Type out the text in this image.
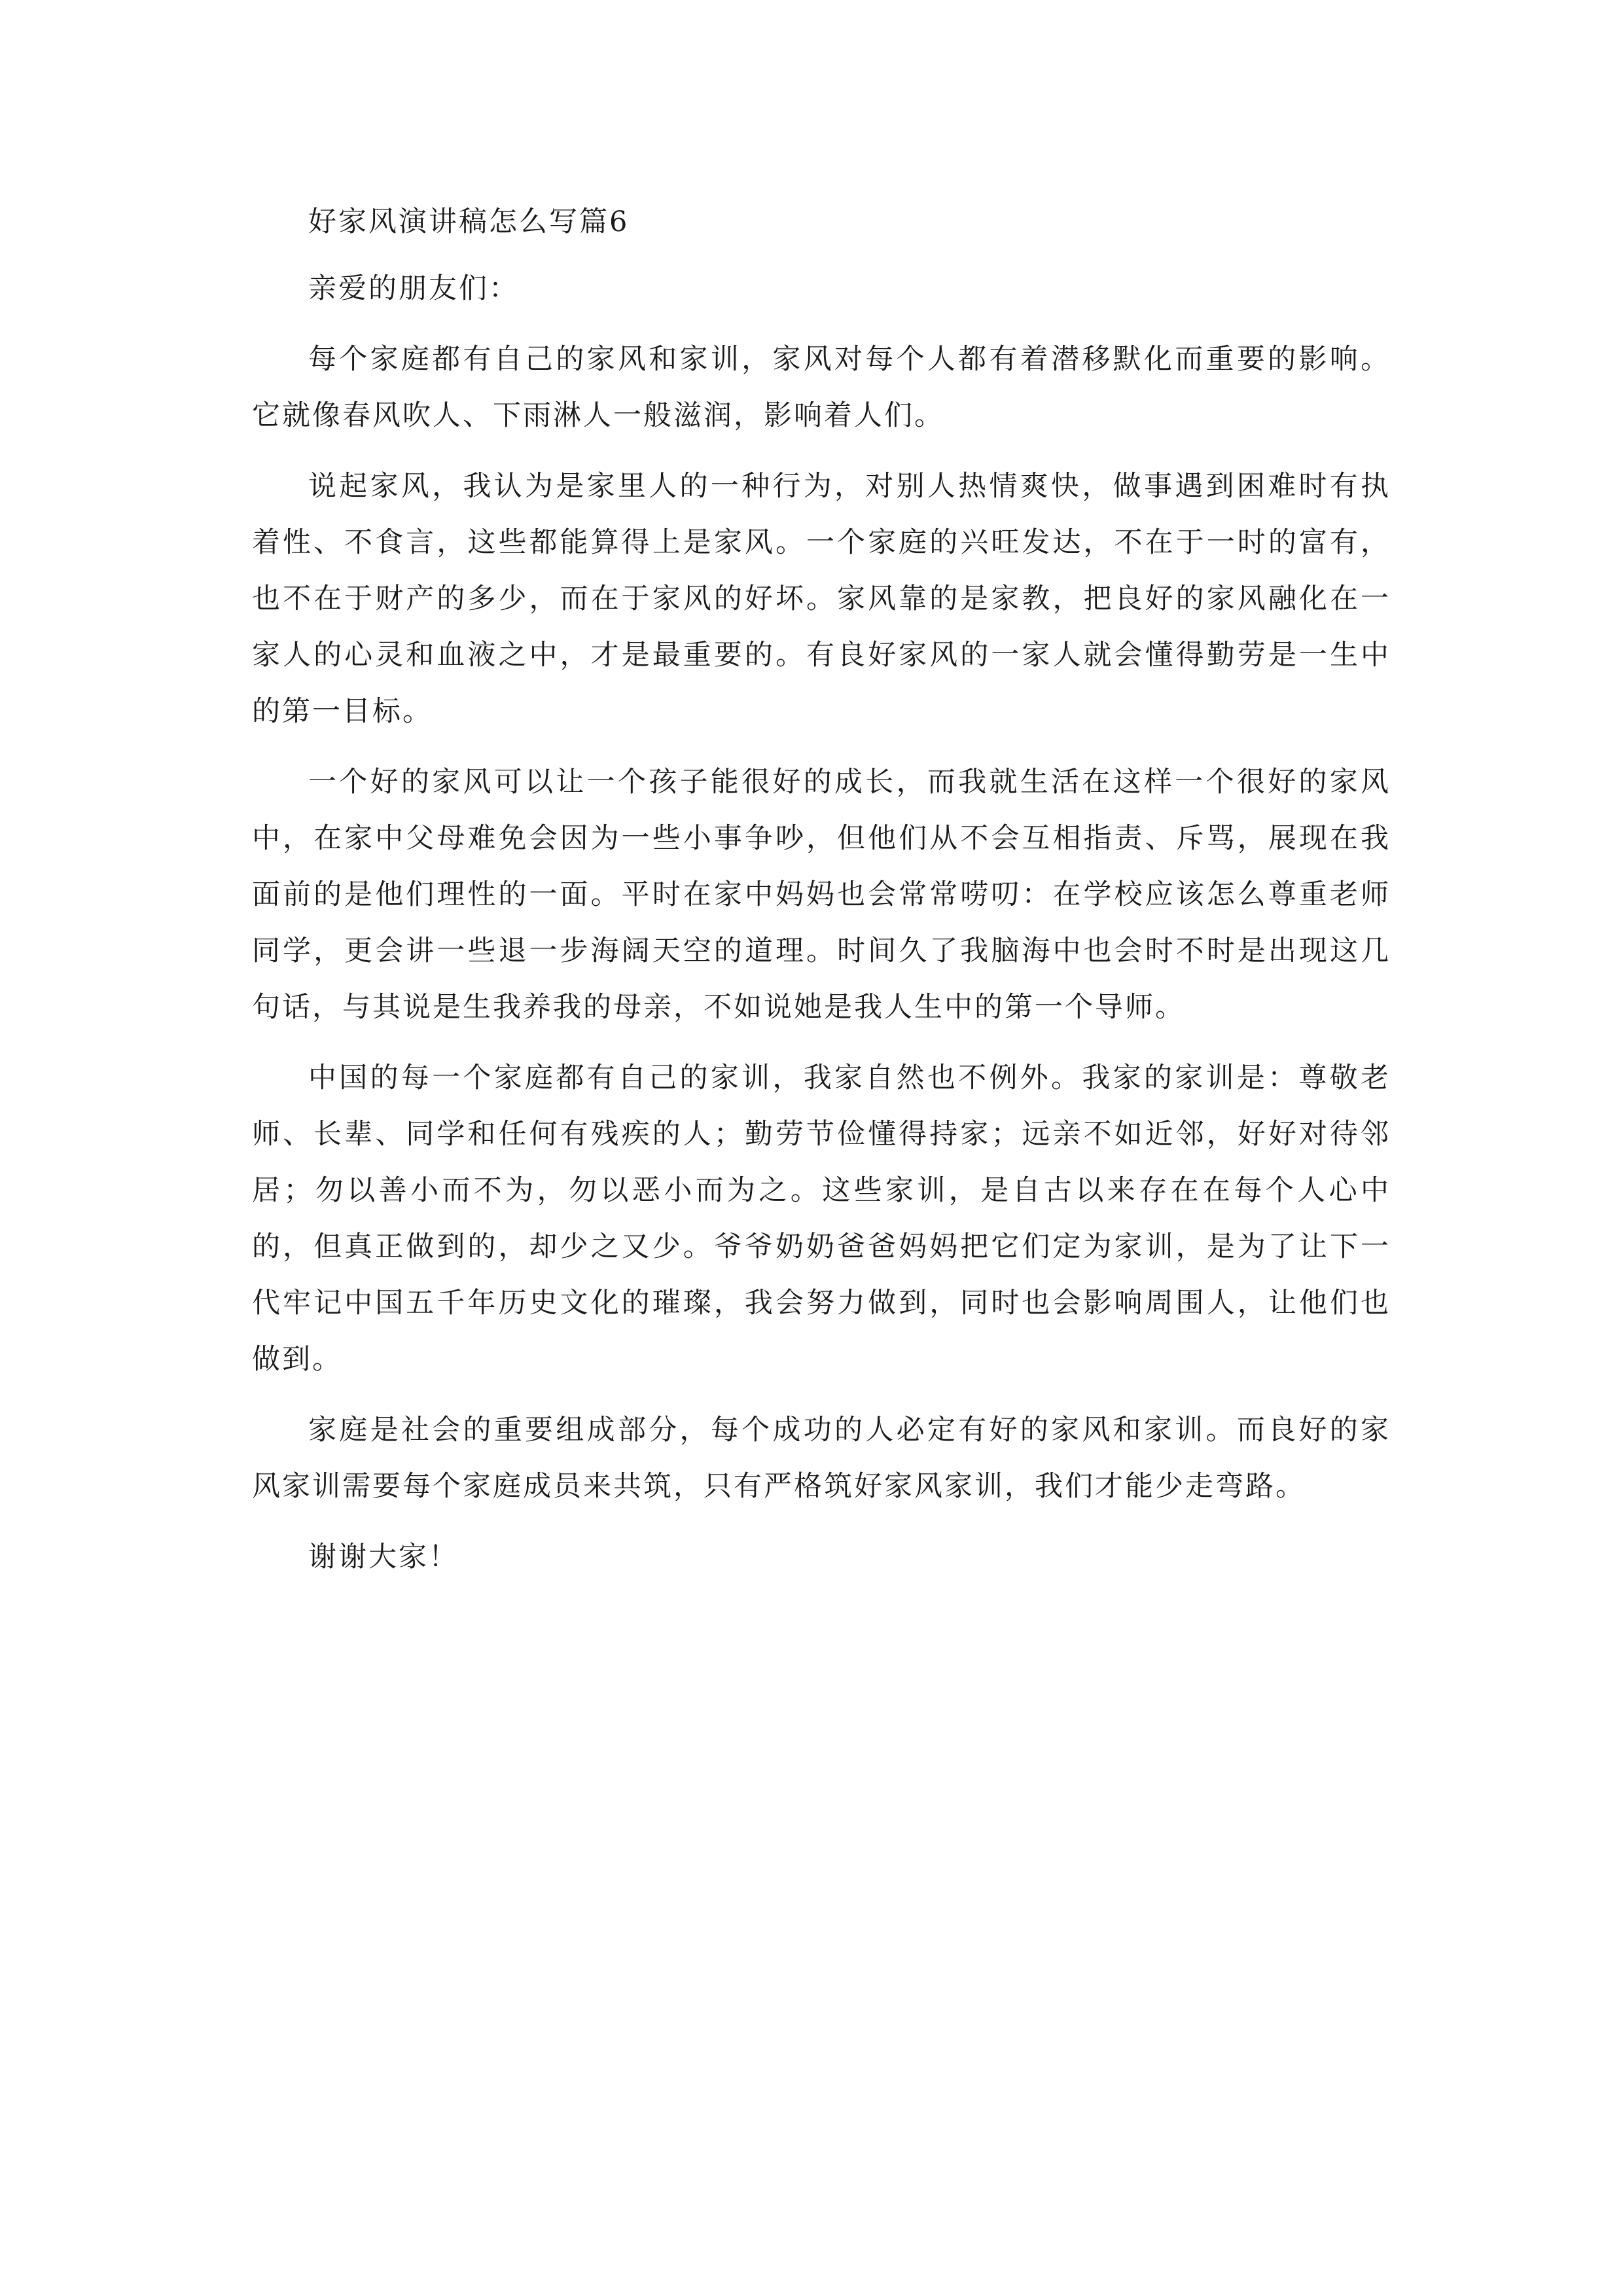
好家风演讲稿怎么写篇6

亲爱的朋友们：

每个家庭都有自己的家风和家训，家风对每个人都有着潜移默化而重要的影响。它就像春风吹人、下雨淋人一般滋润，影响着人们。

说起家风，我认为是家里人的一种行为，对别人热情爽快，做事遇到困难时有执着性、不食言，这些都能算得上是家风。一个家庭的兴旺发达，不在于一时的富有，也不在于财产的多少，而在于家风的好坏。家风靠的是家教，把良好的家风融化在一家人的心灵和血液之中，才是最重要的。有良好家风的一家人就会懂得勤劳是一生中的第一目标。

一个好的家风可以让一个孩子能很好的成长，而我就生活在这样一个很好的家风中，在家中父母难免会因为一些小事争吵，但他们从不会互相指责、斥骂，展现在我面前的是他们理性的一面。平时在家中妈妈也会常常唠叨：在学校应该怎么尊重老师同学，更会讲一些退一步海阔天空的道理。时间久了我脑海中也会时不时是出现这几句话，与其说是生我养我的母亲，不如说她是我人生中的第一个导师。

中国的每一个家庭都有自己的家训，我家自然也不例外。我家的家训是：尊敬老师、长辈、同学和任何有残疾的人；勤劳节俭懂得持家；远亲不如近邻，好好对待邻居；勿以善小而不为，勿以恶小而为之。这些家训，是自古以来存在在每个人心中的，但真正做到的，却少之又少。爷爷奶奶爸爸妈妈把它们定为家训，是为了让下一代牢记中国五千年历史文化的璀璨，我会努力做到，同时也会影响周围人，让他们也做到。

家庭是社会的重要组成部分，每个成功的人必定有好的家风和家训。而良好的家风家训需要每个家庭成员来共筑，只有严格筑好家风家训，我们才能少走弯路。

谢谢大家！
